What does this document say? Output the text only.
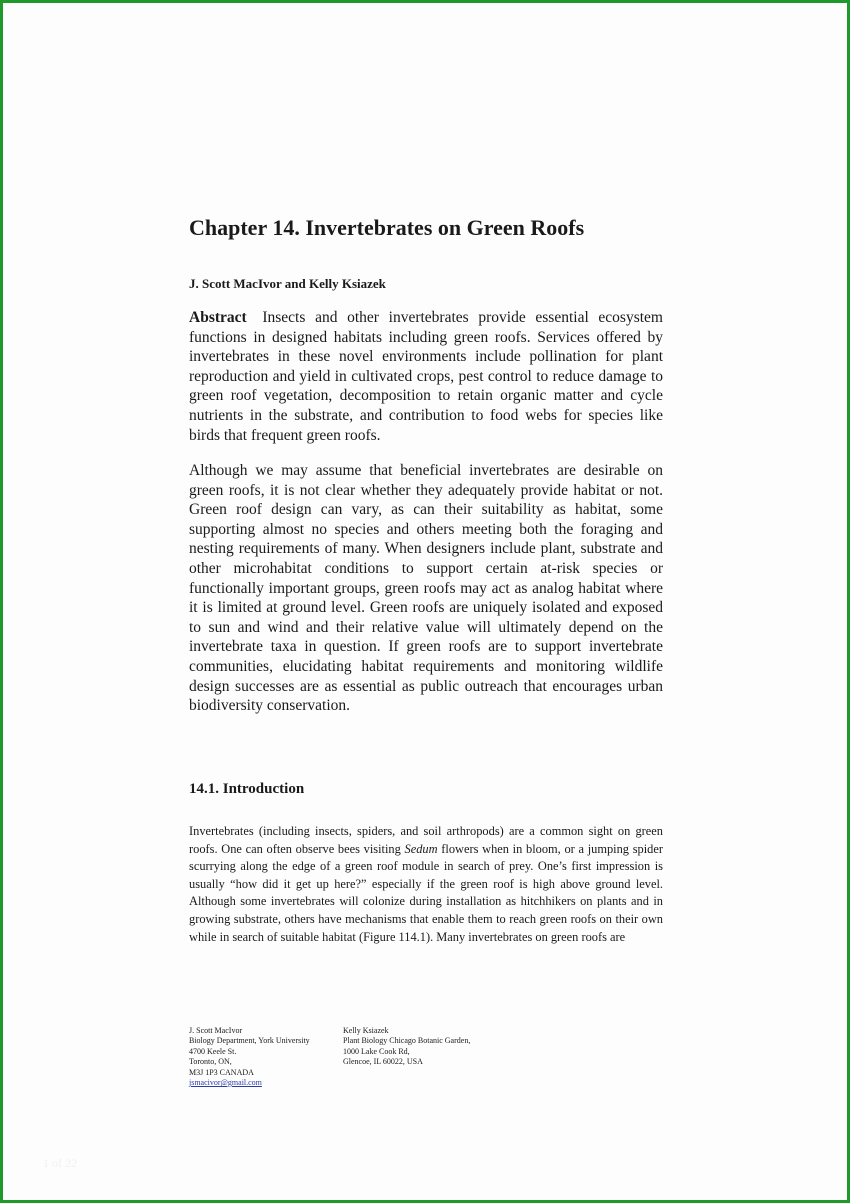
Chapter 14. Invertebrates on Green Roofs
J. Scott MacIvor and Kelly Ksiazek

Abstract Insects and other invertebrates provide essential ecosystem functions in designed habitats including green roofs. Services offered by invertebrates in these novel environments include pollination for plant reproduction and yield in cultivated crops, pest control to reduce damage to green roof vegetation, decomposition to retain organic matter and cycle nutrients in the substrate, and contribution to food webs for species like birds that frequent green roofs.

Although we may assume that beneficial invertebrates are desirable on green roofs, it is not clear whether they adequately provide habitat or not. Green roof design can vary, as can their suitability as habitat, some supporting almost no species and others meeting both the foraging and nesting requirements of many. When designers include plant, substrate and other microhabitat conditions to support certain at-risk species or functionally important groups, green roofs may act as analog habitat where it is limited at ground level. Green roofs are uniquely isolated and exposed to sun and wind and their relative value will ultimately depend on the invertebrate taxa in question. If green roofs are to support invertebrate communities, elucidating habitat requirements and monitoring wildlife design successes are as essential as public outreach that encourages urban biodiversity conservation.

14.1. Introduction

Invertebrates (including insects, spiders, and soil arthropods) are a common sight on green roofs. One can often observe bees visiting Sedum flowers when in bloom, or a jumping spider scurrying along the edge of a green roof module in search of prey. One’s first impression is usually “how did it get up here?” especially if the green roof is high above ground level. Although some invertebrates will colonize during installation as hitchhikers on plants and in growing substrate, others have mechanisms that enable them to reach green roofs on their own while in search of suitable habitat (Figure 114.1). Many invertebrates on green roofs are

J. Scott MacIvor
Biology Department, York University
4700 Keele St.
Toronto, ON,
M3J 1P3 CANADA
jsmacivor@gmail.com
Kelly Ksiazek
Plant Biology Chicago Botanic Garden,
1000 Lake Cook Rd,
Glencoe, IL 60022, USA
1 of 22
